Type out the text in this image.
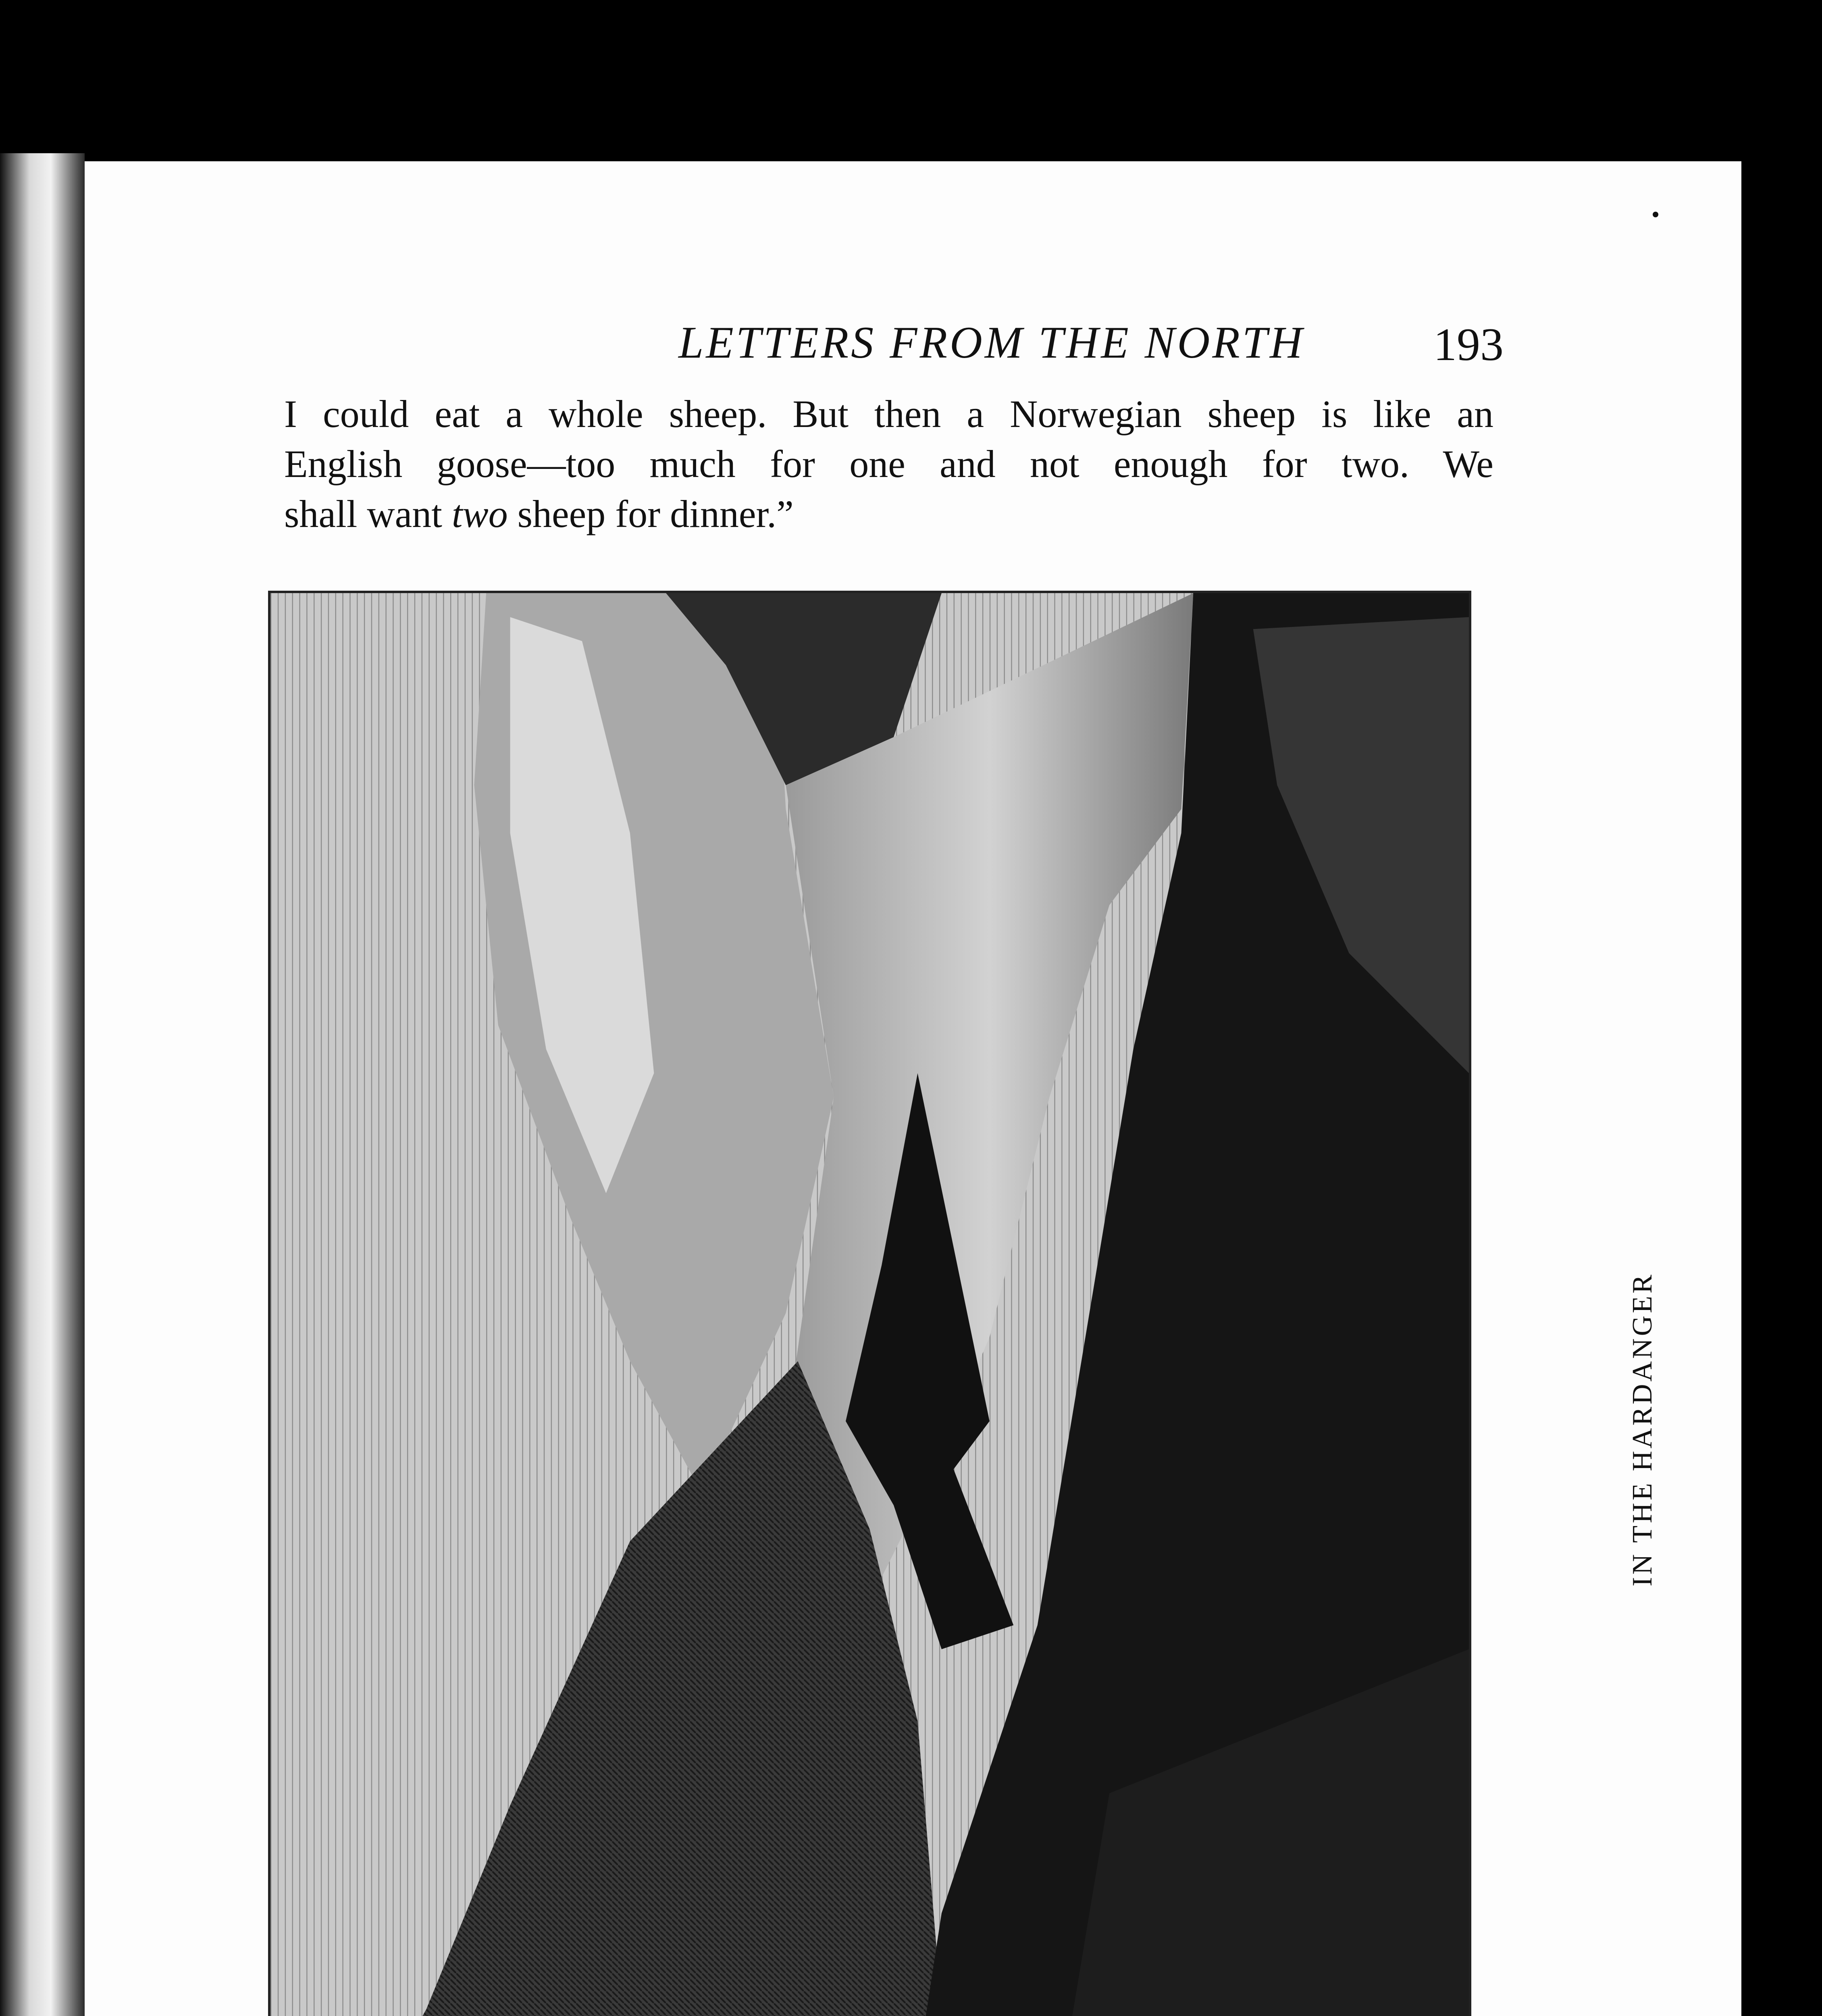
LETTERS FROM THE NORTH	193
I could eat a whole sheep. But then a Norwegian sheep is like an
English goose—too much for one and not enough for two. We
shall want two sheep for dinner.”
IN THE HARDANGER
